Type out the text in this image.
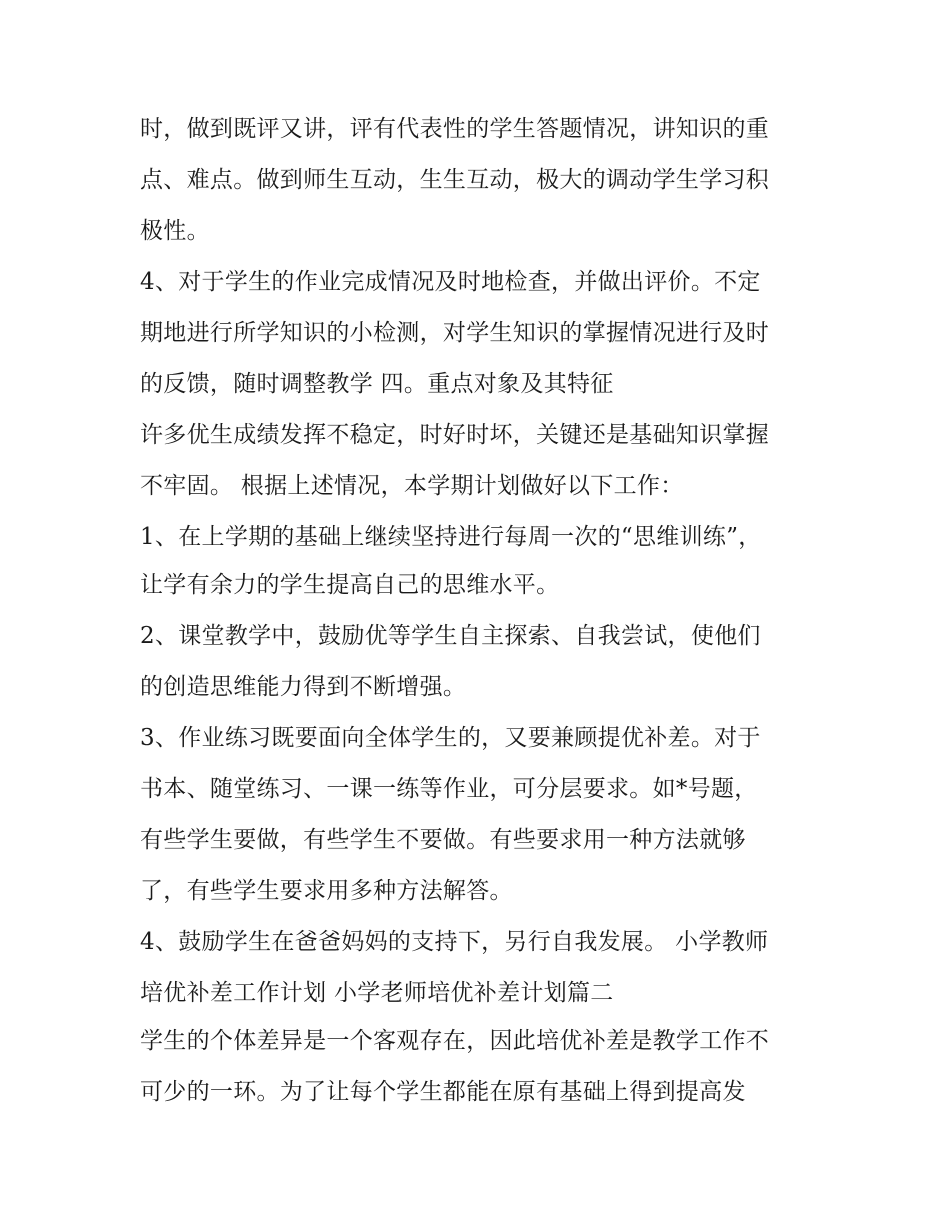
时，做到既评又讲，评有代表性的学生答题情况，讲知识的重

点、难点。做到师生互动，生生互动，极大的调动学生学习积

极性。

4、对于学生的作业完成情况及时地检查，并做出评价。不定

期地进行所学知识的小检测，对学生知识的掌握情况进行及时

的反馈，随时调整教学 四。重点对象及其特征

许多优生成绩发挥不稳定，时好时坏，关键还是基础知识掌握

不牢固。 根据上述情况，本学期计划做好以下工作：

1、在上学期的基础上继续坚持进行每周一次的“思维训练”，

让学有余力的学生提高自己的思维水平。

2、课堂教学中，鼓励优等学生自主探索、自我尝试，使他们

的创造思维能力得到不断增强。

3、作业练习既要面向全体学生的，又要兼顾提优补差。对于

书本、随堂练习、一课一练等作业，可分层要求。如*号题，

有些学生要做，有些学生不要做。有些要求用一种方法就够

了，有些学生要求用多种方法解答。

4、鼓励学生在爸爸妈妈的支持下，另行自我发展。 小学教师

培优补差工作计划 小学老师培优补差计划篇二

学生的个体差异是一个客观存在，因此培优补差是教学工作不

可少的一环。为了让每个学生都能在原有基础上得到提高发
